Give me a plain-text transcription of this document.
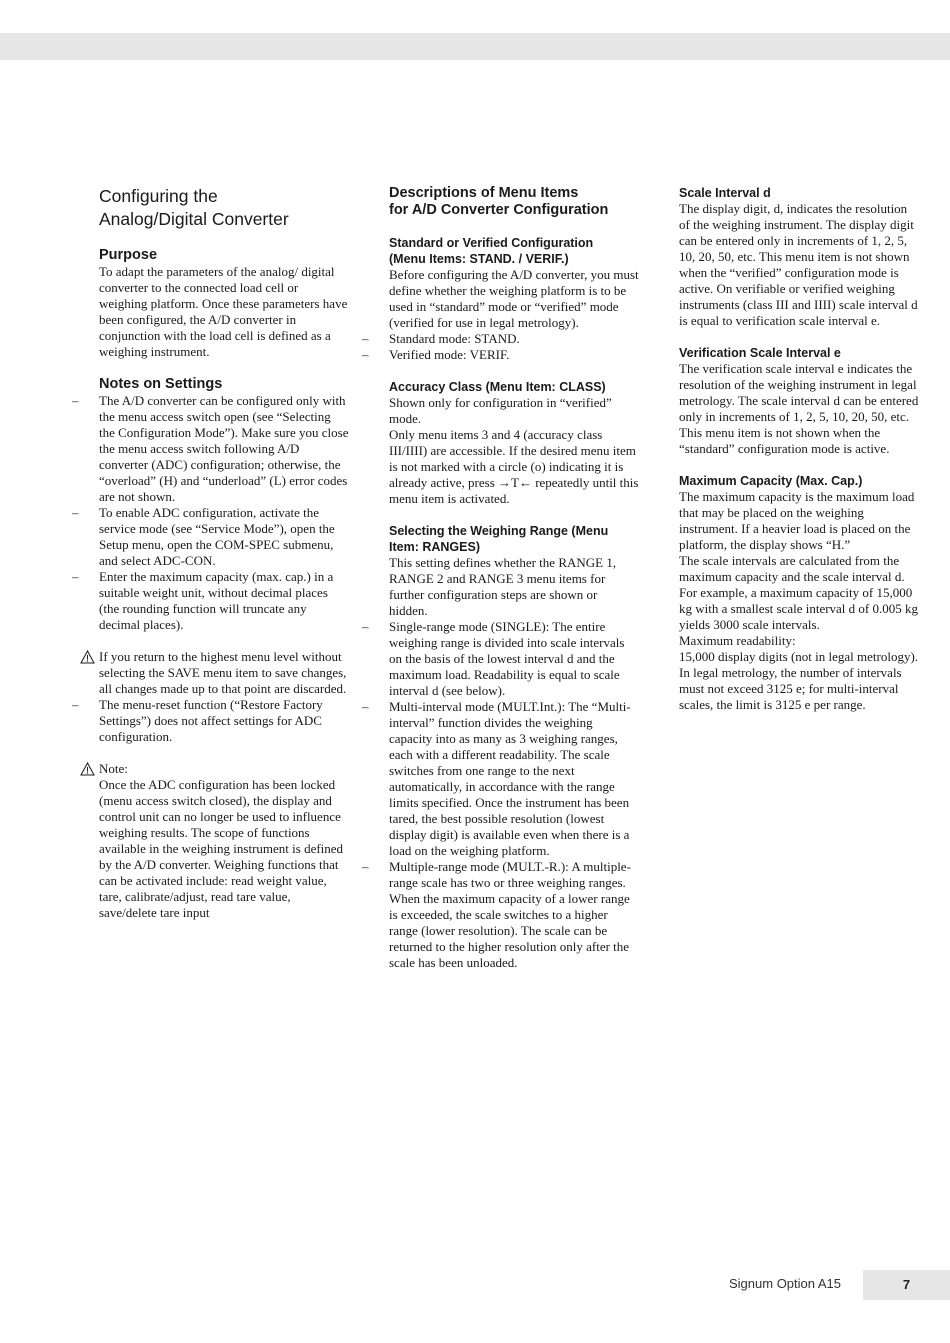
Configuring the
Analog/Digital Converter
Purpose

To adapt the parameters of the analog/ digital converter to the connected load cell or weighing platform. Once these parameters have been configured, the A/D converter in conjunction with the load cell is defined as a weighing instrument.

Notes on Settings
– The A/D converter can be configured only with the menu access switch open (see “Selecting the Configuration Mode”). Make sure you close the menu access switch following A/D converter (ADC) configuration; otherwise, the “overload” (H) and “underload” (L) error codes are not shown.
– To enable ADC configuration, activate the service mode (see “Service Mode”), open the Setup menu, open the COM-SPEC submenu, and select ADC-CON.
– Enter the maximum capacity (max. cap.) in a suitable weight unit, without decimal places (the rounding function will truncate any decimal places).

If you return to the highest menu level without selecting the SAVE menu item to save changes, all changes made up to that point are discarded.

– The menu-reset function (“Restore Factory Settings”) does not affect settings for ADC configuration.

Note:

Once the ADC configuration has been locked (menu access switch closed), the display and control unit can no longer be used to influence weighing results. The scope of functions available in the weighing instrument is defined by the A/D converter. Weighing functions that can be activated include: read weight value, tare, calibrate/adjust, read tare value, save/delete tare input

Descriptions of Menu Items
for A/D Converter Configuration
Standard or Verified Configuration
(Menu Items: STAND. / VERIF.)

Before configuring the A/D converter, you must define whether the weighing platform is to be used in “standard” mode or “verified” mode (verified for use in legal metrology).

– Standard mode: STAND.
– Verified mode: VERIF.
Accuracy Class (Menu Item: CLASS)

Shown only for configuration in “verified” mode.

Only menu items 3 and 4 (accuracy class III/IIII) are accessible. If the desired menu item is not marked with a circle (o) indicating it is already active, press →T← repeatedly until this menu item is activated.

Selecting the Weighing Range (Menu
Item: RANGES)

This setting defines whether the RANGE 1, RANGE 2 and RANGE 3 menu items for further configuration steps are shown or hidden.

– Single-range mode (SINGLE): The entire weighing range is divided into scale intervals on the basis of the lowest interval d and the maximum load. Readability is equal to scale interval d (see below).
– Multi-interval mode (MULT.Int.): The “Multi-interval” function divides the weighing capacity into as many as 3 weighing ranges, each with a different readability. The scale switches from one range to the next automatically, in accordance with the range limits specified. Once the instrument has been tared, the best possible resolution (lowest display digit) is available even when there is a load on the weighing platform.
– Multiple-range mode (MULT.-R.): A multiple-range scale has two or three weighing ranges. When the maximum capacity of a lower range is exceeded, the scale switches to a higher range (lower resolution). The scale can be returned to the higher resolution only after the scale has been unloaded.
Scale Interval d

The display digit, d, indicates the resolution of the weighing instrument. The display digit can be entered only in increments of 1, 2, 5, 10, 20, 50, etc. This menu item is not shown when the “verified” configuration mode is active. On verifiable or verified weighing instruments (class III and IIII) scale interval d is equal to verification scale interval e.

Verification Scale Interval e

The verification scale interval e indicates the resolution of the weighing instrument in legal metrology. The scale interval d can be entered only in increments of 1, 2, 5, 10, 20, 50, etc.

This menu item is not shown when the “standard” configuration mode is active.

Maximum Capacity (Max. Cap.)

The maximum capacity is the maximum load that may be placed on the weighing instrument. If a heavier load is placed on the platform, the display shows “H.”

The scale intervals are calculated from the maximum capacity and the scale interval d. For example, a maximum capacity of 15,000 kg with a smallest scale interval d of 0.005 kg yields 3000 scale intervals.

Maximum readability:

15,000 display digits (not in legal metrology).

In legal metrology, the number of intervals must not exceed 3125 e; for multi-interval scales, the limit is 3125 e per range.

Signum Option A15	7
